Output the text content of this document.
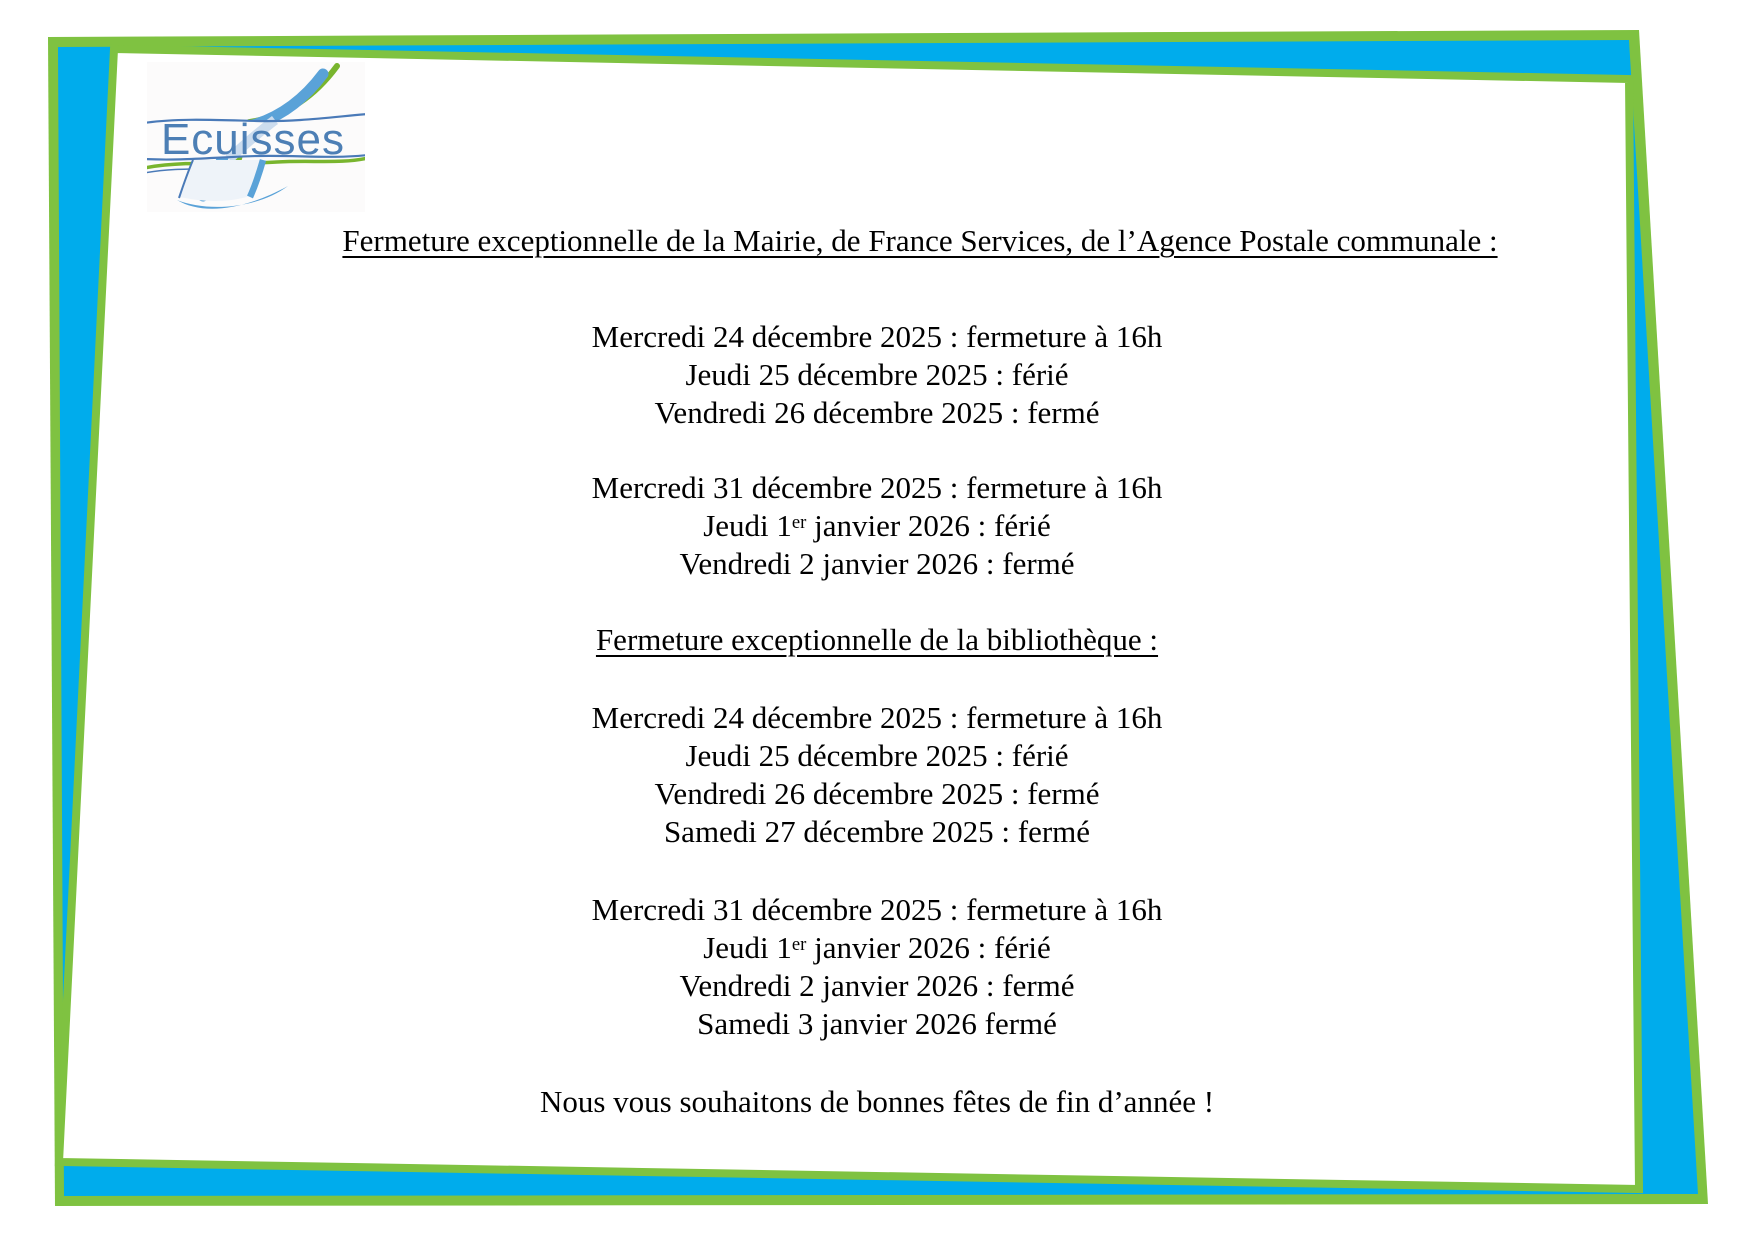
Ecuisses
Fermeture exceptionnelle de la Mairie, de France Services, de l’Agence Postale communale :
Mercredi 24 décembre 2025 : fermeture à 16h
Jeudi 25 décembre 2025 : férié
Vendredi 26 décembre 2025 : fermé
Mercredi 31 décembre 2025 : fermeture à 16h
Jeudi 1er janvier 2026 : férié
Vendredi 2 janvier 2026 : fermé
Fermeture exceptionnelle de la bibliothèque :
Mercredi 24 décembre 2025 : fermeture à 16h
Jeudi 25 décembre 2025 : férié
Vendredi 26 décembre 2025 : fermé
Samedi 27 décembre 2025 : fermé
Mercredi 31 décembre 2025 : fermeture à 16h
Jeudi 1er janvier 2026 : férié
Vendredi 2 janvier 2026 : fermé
Samedi 3 janvier 2026 fermé
Nous vous souhaitons de bonnes fêtes de fin d’année !
